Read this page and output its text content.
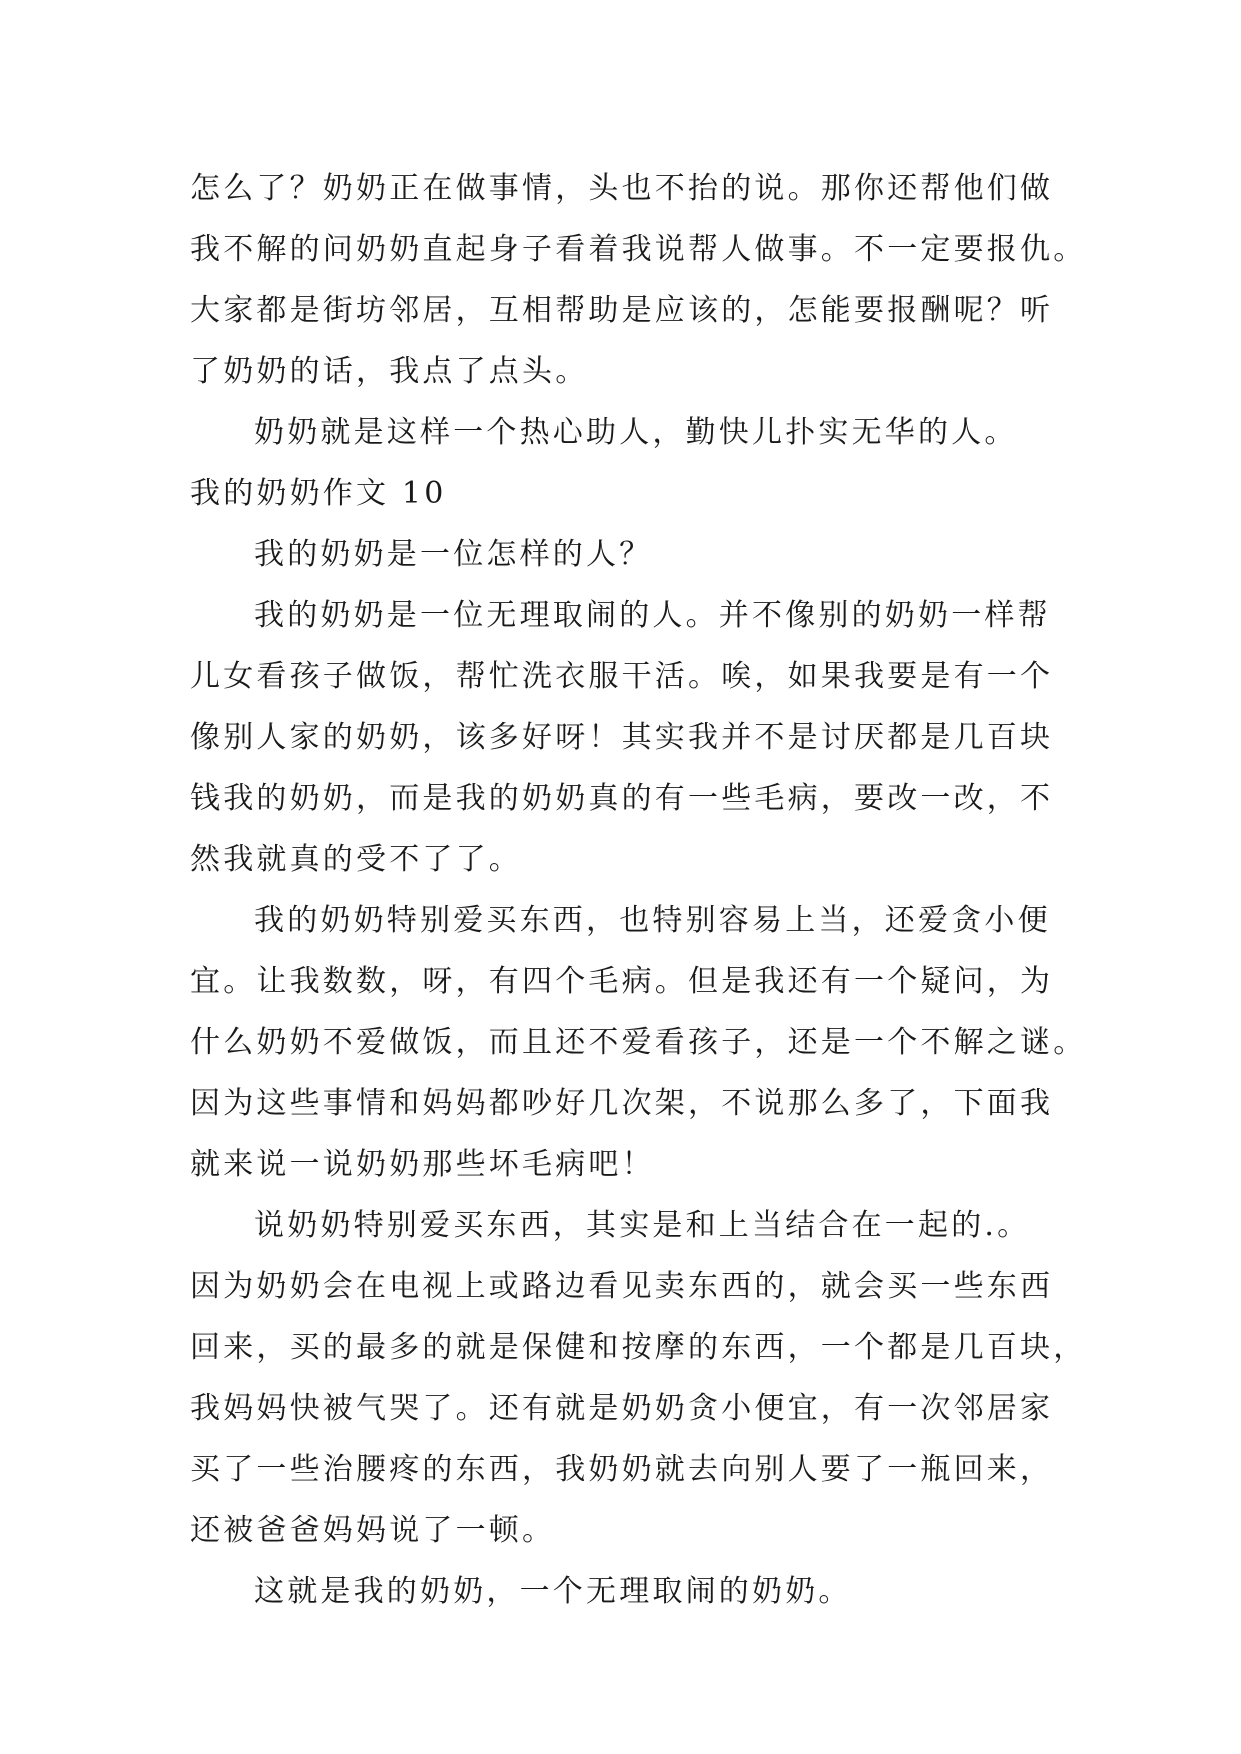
怎么了？奶奶正在做事情，头也不抬的说。那你还帮他们做
我不解的问奶奶直起身子看着我说帮人做事。不一定要报仇。
大家都是街坊邻居，互相帮助是应该的，怎能要报酬呢？听
了奶奶的话，我点了点头。
奶奶就是这样一个热心助人，勤快儿扑实无华的人。
我的奶奶作文 10
我的奶奶是一位怎样的人？
我的奶奶是一位无理取闹的人。并不像别的奶奶一样帮
儿女看孩子做饭，帮忙洗衣服干活。唉，如果我要是有一个
像别人家的奶奶，该多好呀！其实我并不是讨厌都是几百块
钱我的奶奶，而是我的奶奶真的有一些毛病，要改一改，不
然我就真的受不了了。
我的奶奶特别爱买东西，也特别容易上当，还爱贪小便
宜。让我数数，呀，有四个毛病。但是我还有一个疑问，为
什么奶奶不爱做饭，而且还不爱看孩子，还是一个不解之谜。
因为这些事情和妈妈都吵好几次架，不说那么多了，下面我
就来说一说奶奶那些坏毛病吧！
说奶奶特别爱买东西，其实是和上当结合在一起的.。
因为奶奶会在电视上或路边看见卖东西的，就会买一些东西
回来，买的最多的就是保健和按摩的东西，一个都是几百块，
我妈妈快被气哭了。还有就是奶奶贪小便宜，有一次邻居家
买了一些治腰疼的东西，我奶奶就去向别人要了一瓶回来，
还被爸爸妈妈说了一顿。
这就是我的奶奶，一个无理取闹的奶奶。
